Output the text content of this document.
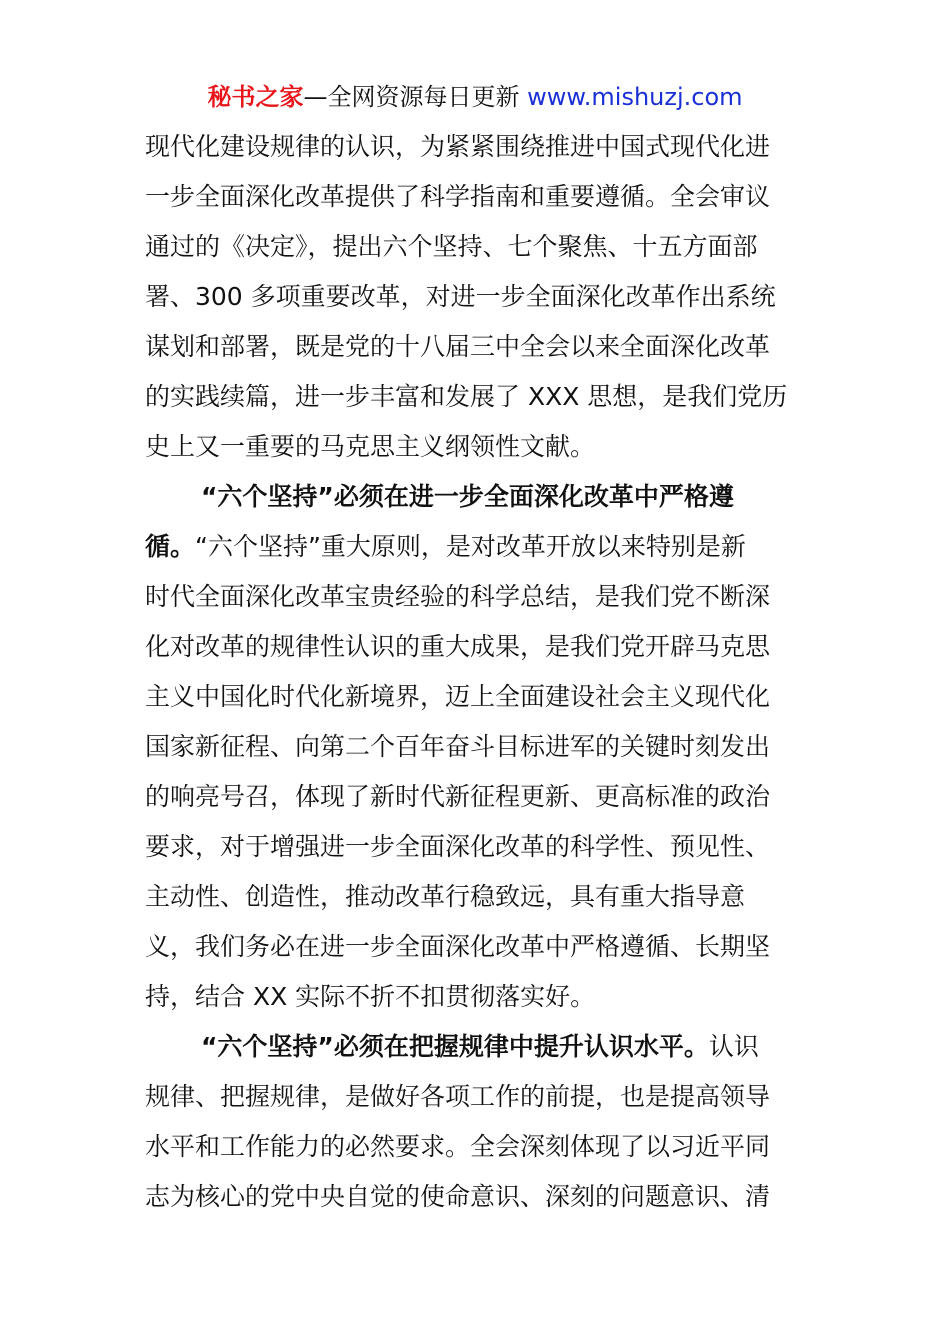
秘书之家—全网资源每日更新 www.mishuzj.com
现代化建设规律的认识，为紧紧围绕推进中国式现代化进
一步全面深化改革提供了科学指南和重要遵循。全会审议
通过的《决定》，提出六个坚持、七个聚焦、十五方面部
署、300 多项重要改革，对进一步全面深化改革作出系统
谋划和部署，既是党的十八届三中全会以来全面深化改革
的实践续篇，进一步丰富和发展了 XXX 思想，是我们党历
史上又一重要的马克思主义纲领性文献。
“六个坚持”必须在进一步全面深化改革中严格遵
循。“六个坚持”重大原则，是对改革开放以来特别是新
时代全面深化改革宝贵经验的科学总结，是我们党不断深
化对改革的规律性认识的重大成果，是我们党开辟马克思
主义中国化时代化新境界，迈上全面建设社会主义现代化
国家新征程、向第二个百年奋斗目标进军的关键时刻发出
的响亮号召，体现了新时代新征程更新、更高标准的政治
要求，对于增强进一步全面深化改革的科学性、预见性、
主动性、创造性，推动改革行稳致远，具有重大指导意
义，我们务必在进一步全面深化改革中严格遵循、长期坚
持，结合 XX 实际不折不扣贯彻落实好。
“六个坚持”必须在把握规律中提升认识水平。认识
规律、把握规律，是做好各项工作的前提，也是提高领导
水平和工作能力的必然要求。全会深刻体现了以习近平同
志为核心的党中央自觉的使命意识、深刻的问题意识、清
